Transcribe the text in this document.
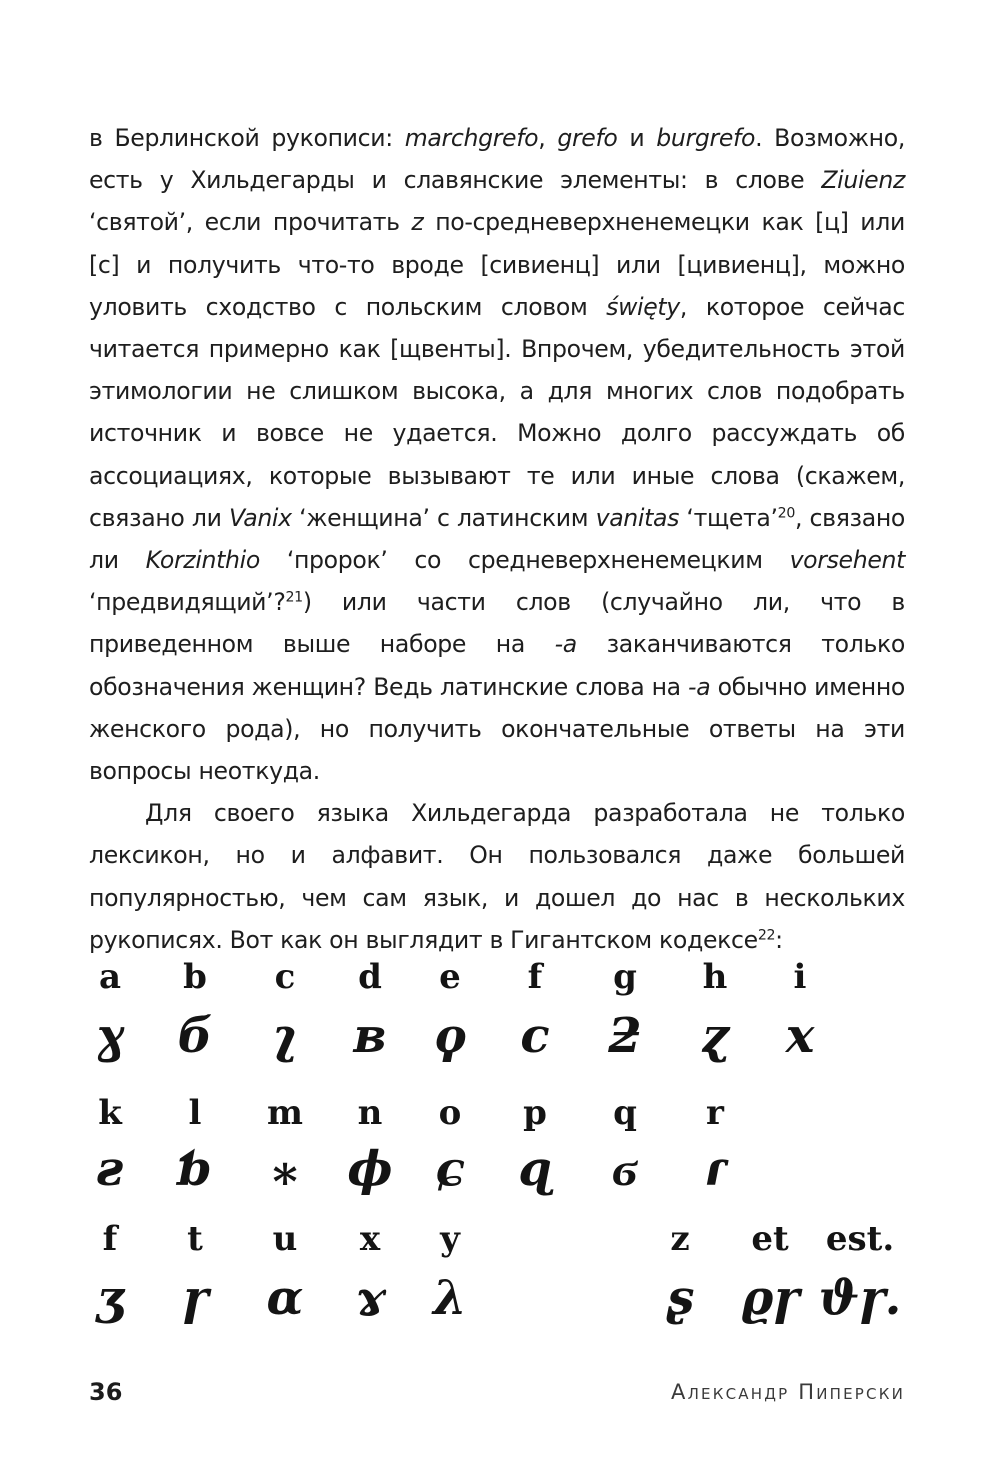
в Берлинской рукописи: marchgrefo, grefo и burgrefo. Возможно, есть у Хильдегарды и славянские элементы: в слове Ziuienz ‘святой’, если прочитать z по-средневерхненемецки как [ц] или [с] и получить что-то вроде [сивиенц] или [цивиенц], можно уловить сходство с польским словом święty, которое сейчас читается примерно как [щвенты]. Впрочем, убедительность этой этимологии не слишком высока, а для многих слов подобрать источник и вовсе не удается. Можно долго рассуждать об ассоциациях, которые вызывают те или иные слова (скажем, связано ли Vanix ‘женщина’ с латинским vanitas ‘тщета’$^{20}$, связано ли Korzinthio ‘пророк’ со средневерхненемецким vorsehent ‘предвидящий’?$^{21}$) или части слов (случайно ли, что в приведенном выше наборе на -a заканчиваются только обозначения женщин? Ведь латинские слова на -a обычно именно женского рода), но получить окончательные ответы на эти вопросы неоткуда.

Для своего языка Хильдегарда разработала не только лексикон, но и алфавит. Он пользовался даже большей популярностью, чем сам язык, и дошел до нас в нескольких рукописях. Вот как он выглядит в Гигантском кодексе$^{22}$:

a b c d e f g h i
ɣ б ʅ ʙ ϙ ϲ ƻ ɀ ⅹ
k l m n o p q r
ƨ ƅ ⁎ ϕ ɕ ɋ ϭ ɾ
f t u x y	z et est.
ʒ ɼ ɑ ɤ λ	ʂ ϱɼ ϑɼ.
36	Александр Пиперски
